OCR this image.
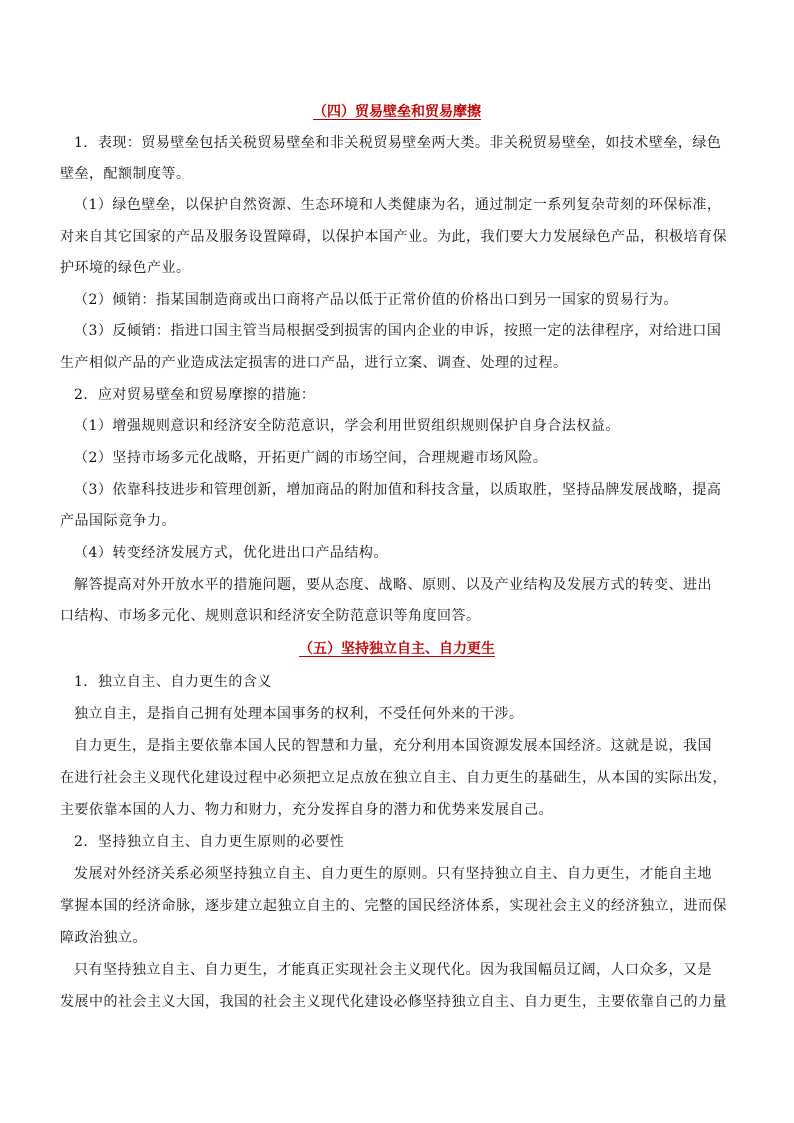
（四）贸易壁垒和贸易摩擦
1．表现：贸易壁垒包括关税贸易壁垒和非关税贸易壁垒两大类。非关税贸易壁垒，如技术壁垒，绿色
壁垒，配额制度等。
（1）绿色壁垒，以保护自然资源、生态环境和人类健康为名，通过制定一系列复杂苛刻的环保标准，
对来自其它国家的产品及服务设置障碍，以保护本国产业。为此，我们要大力发展绿色产品，积极培育保
护环境的绿色产业。
（2）倾销：指某国制造商或出口商将产品以低于正常价值的价格出口到另一国家的贸易行为。
（3）反倾销：指进口国主管当局根据受到损害的国内企业的申诉，按照一定的法律程序，对给进口国
生产相似产品的产业造成法定损害的进口产品，进行立案、调查、处理的过程。
2．应对贸易壁垒和贸易摩擦的措施：
（1）增强规则意识和经济安全防范意识，学会利用世贸组织规则保护自身合法权益。
（2）坚持市场多元化战略，开拓更广阔的市场空间，合理规避市场风险。
（3）依靠科技进步和管理创新，增加商品的附加值和科技含量，以质取胜，坚持品牌发展战略，提高
产品国际竞争力。
（4）转变经济发展方式，优化进出口产品结构。
解答提高对外开放水平的措施问题，要从态度、战略、原则、以及产业结构及发展方式的转变、进出
口结构、市场多元化、规则意识和经济安全防范意识等角度回答。
（五）坚持独立自主、自力更生
1．独立自主、自力更生的含义
独立自主，是指自己拥有处理本国事务的权利，不受任何外来的干涉。
自力更生，是指主要依靠本国人民的智慧和力量，充分利用本国资源发展本国经济。这就是说，我国
在进行社会主义现代化建设过程中必须把立足点放在独立自主、自力更生的基础生，从本国的实际出发，
主要依靠本国的人力、物力和财力，充分发挥自身的潜力和优势来发展自己。
2．坚持独立自主、自力更生原则的必要性
发展对外经济关系必须坚持独立自主、自力更生的原则。只有坚持独立自主、自力更生，才能自主地
掌握本国的经济命脉，逐步建立起独立自主的、完整的国民经济体系，实现社会主义的经济独立，进而保
障政治独立。
只有坚持独立自主、自力更生，才能真正实现社会主义现代化。因为我国幅员辽阔，人口众多，又是
发展中的社会主义大国，我国的社会主义现代化建设必修坚持独立自主、自力更生，主要依靠自己的力量
